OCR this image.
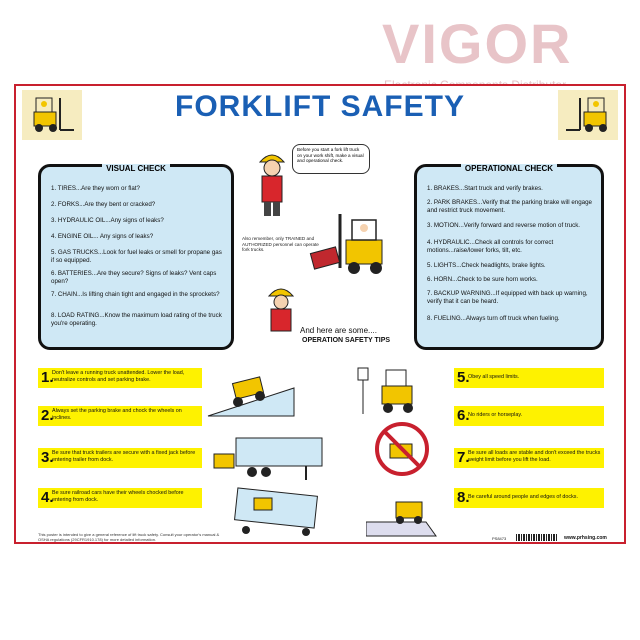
VIGOR
FORKLIFT SAFETY
VISUAL CHECK
1. TIRES...Are they worn or flat?
2. FORKS...Are they bent or cracked?
3. HYDRAULIC OIL...Any signs of leaks?
4. ENGINE OIL... Any signs of leaks?
5. GAS TRUCKS...Look for fuel leaks or smell for propane gas if so equipped.
6. BATTERIES...Are they secure? Signs of leaks? Vent caps open?
7. CHAIN...Is lifting chain tight and engaged in the sprockets?
8. LOAD RATING...Know the maximum load rating of the truck you're operating.
OPERATIONAL CHECK
1. BRAKES...Start truck and verify brakes.
2. PARK BRAKES...Verify that the parking brake will engage and restrict truck movement.
3. MOTION...Verify forward and reverse motion of truck.
4. HYDRAULIC...Check all controls for correct motions...raise/lower forks, tilt, etc.
5. LIGHTS...Check headlights, brake lights.
6. HORN...Check to be sure horn works.
7. BACKUP WARNING...If equipped with back up warning, verify that it can be heard.
8. FUELING...Always turn off truck when fueling.
Before you start a fork lift truck on your work shift, make a visual and operational check.
Also remember, only TRAINED and AUTHORIZED personnel can operate fork trucks.
And here are some....
OPERATION SAFETY TIPS
1.
Don't leave a running truck unattended. Lower the load, neutralize controls and set parking brake.
2.
Always set the parking brake and chock the wheels on inclines.
3.
Be sure that truck trailers are secure with a fixed jack before entering trailer from dock.
4.
Be sure railroad cars have their wheels chocked before entering from dock.
5.
Obey all speed limits.
6.
No riders or horseplay.
7.
Be sure all loads are stable and don't exceed the trucks weight limit before you lift the load.
8.
Be careful around people and edges of docks.
This poster is intended to give a general reference of lift truck safety. Consult your operator's manual & OSHA regulations (29CFR1910.178) for more detailed information.	PS8473	www.prhsing.com
